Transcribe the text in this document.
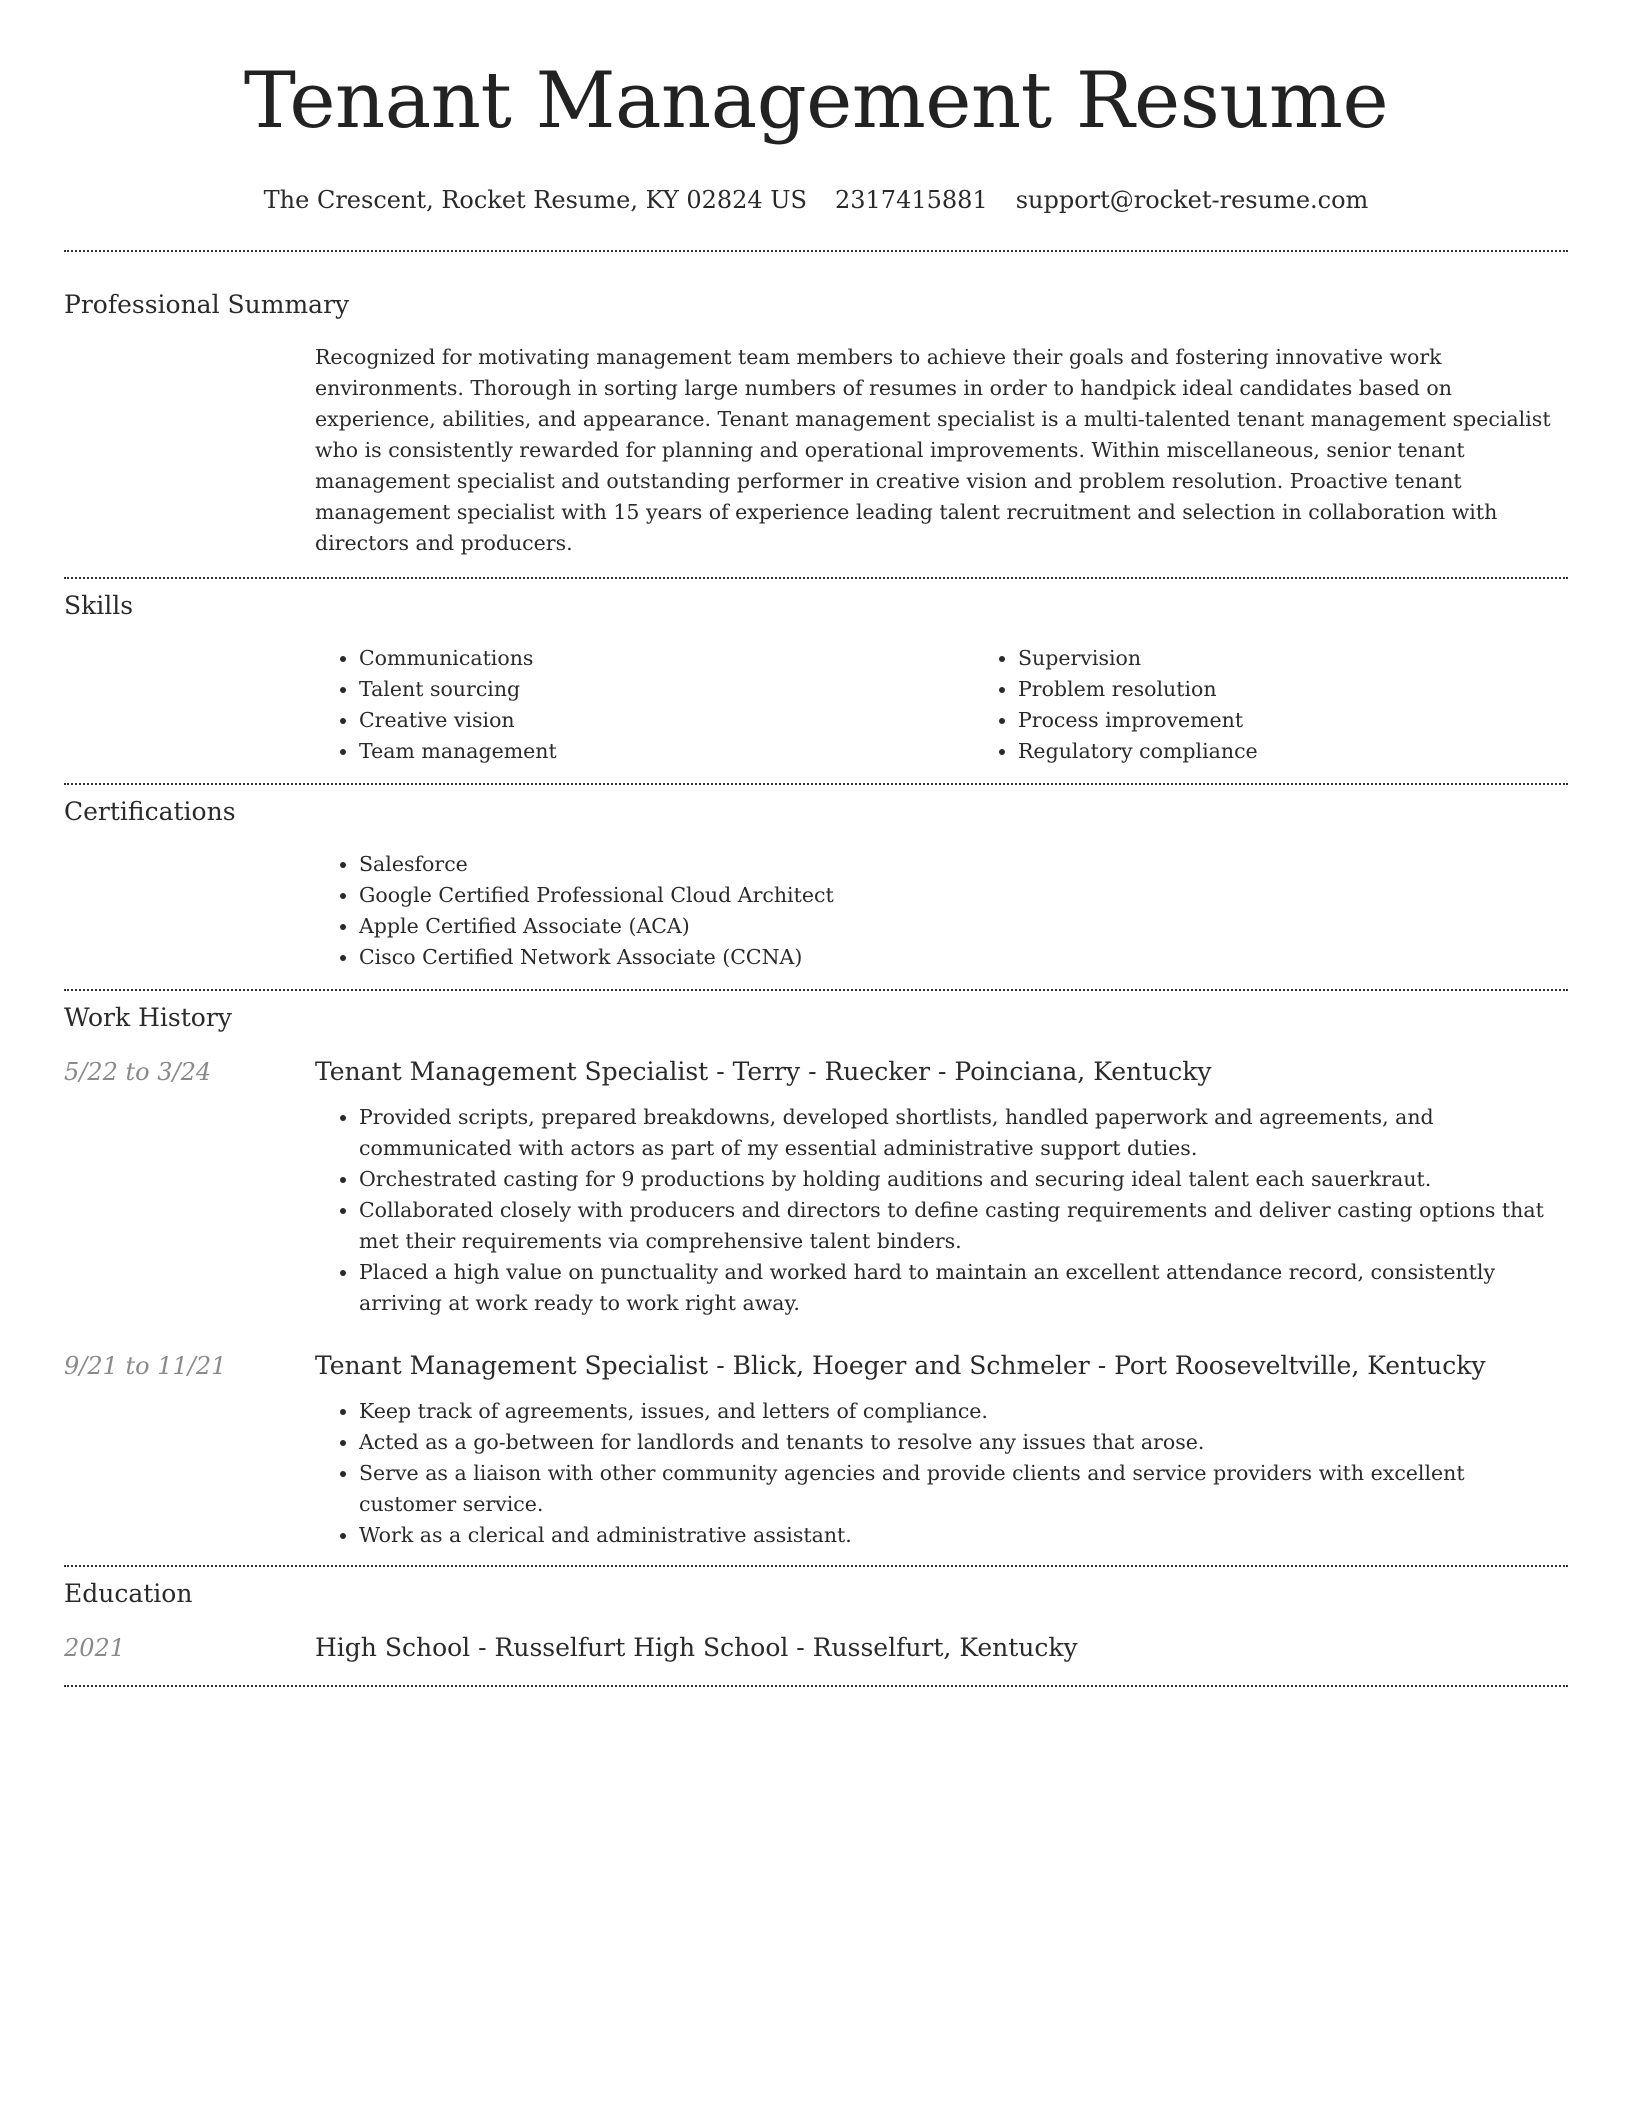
Tenant Management Resume
The Crescent, Rocket Resume, KY 02824 US 2317415881 support@rocket-resume.com
Professional Summary

Recognized for motivating management team members to achieve their goals and fostering innovative work environments. Thorough in sorting large numbers of resumes in order to handpick ideal candidates based on experience, abilities, and appearance. Tenant management specialist is a multi-talented tenant management specialist who is consistently rewarded for planning and operational improvements. Within miscellaneous, senior tenant management specialist and outstanding performer in creative vision and problem resolution. Proactive tenant management specialist with 15 years of experience leading talent recruitment and selection in collaboration with directors and producers.

Skills
• Communications
• Talent sourcing
• Creative vision
• Team management
• Supervision
• Problem resolution
• Process improvement
• Regulatory compliance
Certifications
• Salesforce
• Google Certified Professional Cloud Architect
• Apple Certified Associate (ACA)
• Cisco Certified Network Associate (CCNA)
Work History
5/22 to 3/24	Tenant Management Specialist - Terry - Ruecker - Poinciana, Kentucky
• Provided scripts, prepared breakdowns, developed shortlists, handled paperwork and agreements, and communicated with actors as part of my essential administrative support duties.
• Orchestrated casting for 9 productions by holding auditions and securing ideal talent each sauerkraut.
• Collaborated closely with producers and directors to define casting requirements and deliver casting options that met their requirements via comprehensive talent binders.
• Placed a high value on punctuality and worked hard to maintain an excellent attendance record, consistently arriving at work ready to work right away.
9/21 to 11/21	Tenant Management Specialist - Blick, Hoeger and Schmeler - Port Rooseveltville, Kentucky
• Keep track of agreements, issues, and letters of compliance.
• Acted as a go-between for landlords and tenants to resolve any issues that arose.
• Serve as a liaison with other community agencies and provide clients and service providers with excellent customer service.
• Work as a clerical and administrative assistant.
Education
2021	High School - Russelfurt High School - Russelfurt, Kentucky
